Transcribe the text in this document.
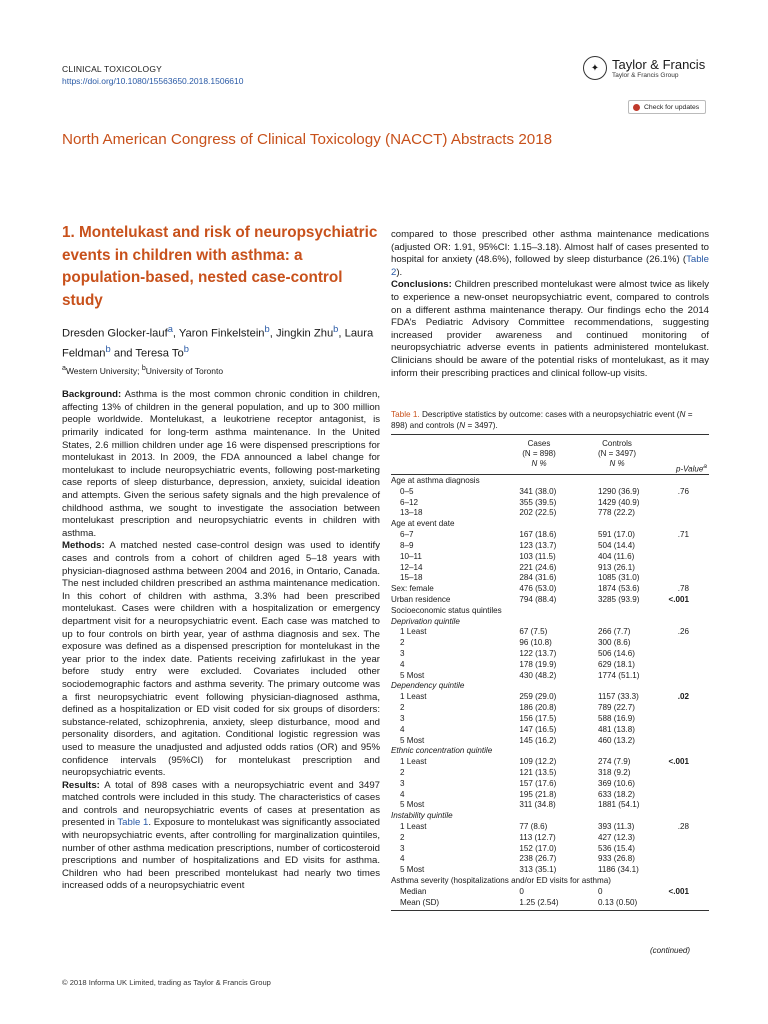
CLINICAL TOXICOLOGY
https://doi.org/10.1080/15563650.2018.1506610
✦ Taylor & Francis
Taylor & Francis Group
Check for updates
North American Congress of Clinical Toxicology (NACCT) Abstracts 2018
1. Montelukast and risk of neuropsychiatric events in children with asthma: a population-based, nested case-control study
Dresden Glocker-lauf$^a$, Yaron Finkelstein$^b$, Jingkin Zhu$^b$, Laura Feldman$^b$ and Teresa To$^b$
$^a$Western University; $^b$University of Toronto

Background: Asthma is the most common chronic condition in children, affecting 13% of children in the general population, and up to 300 million people worldwide. Montelukast, a leukotriene receptor antagonist, is primarily indicated for long-term asthma maintenance. In the United States, 2.6 million children under age 16 were dispensed prescriptions for montelukast in 2013. In 2009, the FDA announced a label change for montelukast to include neuropsychiatric events, following post-marketing case reports of sleep disturbance, depression, anxiety, suicidal ideation and attempts. Given the serious safety signals and the high prevalence of childhood asthma, we sought to investigate the association between montelukast prescription and neuropsychiatric events in children with asthma.

Methods: A matched nested case-control design was used to identify cases and controls from a cohort of children aged 5–18 years with physician-diagnosed asthma between 2004 and 2016, in Ontario, Canada. The nest included children prescribed an asthma maintenance medication. In this cohort of children with asthma, 3.3% had been prescribed montelukast. Cases were children with a hospitalization or emergency department visit for a neuropsychiatric event. Each case was matched to up to four controls on birth year, year of asthma diagnosis and sex. The exposure was defined as a dispensed prescription for montelukast in the year prior to the index date. Patients receiving zafirlukast in the year before study entry were excluded. Covariates included other sociodemographic factors and asthma severity. The primary outcome was a first neuropsychiatric event following physician-diagnosed asthma, defined as a hospitalization or ED visit coded for six groups of disorders: substance-related, schizophrenia, anxiety, sleep disturbance, mood and personality disorders, and agitation. Conditional logistic regression was used to measure the unadjusted and adjusted odds ratios (OR) and 95% confidence intervals (95%CI) for montelukast prescription and neuropsychiatric events.

Results: A total of 898 cases with a neuropsychiatric event and 3497 matched controls were included in this study. The characteristics of cases and controls and neuropsychiatric events of cases at presentation as presented in Table 1. Exposure to montelukast was significantly associated with neuropsychiatric events, after controlling for marginalization quintiles, number of other asthma medication prescriptions, number of corticosteroid prescriptions and number of hospitalizations and ED visits for asthma. Children who had been prescribed montelukast had nearly two times increased odds of a neuropsychiatric event

compared to those prescribed other asthma maintenance medications (adjusted OR: 1.91, 95%CI: 1.15–3.18). Almost half of cases presented to hospital for anxiety (48.6%), followed by sleep disturbance (26.1%) (Table 2).

Conclusions: Children prescribed montelukast were almost twice as likely to experience a new-onset neuropsychiatric event, compared to controls on a different asthma maintenance therapy. Our findings echo the 2014 FDA’s Pediatric Advisory Committee recommendations, suggesting increased provider awareness and continued monitoring of neuropsychiatric adverse events in patients administered montelukast. Clinicians should be aware of the potential risks of montelukast, as it may inform their prescribing practices and clinical follow-up visits.

Table 1. Descriptive statistics by outcome: cases with a neuropsychiatric event (N = 898) and controls (N = 3497).
Cases
(N = 898)
N %
Controls
(N = 3497)
N %
p-Value$^a$
Age at asthma diagnosis			
0–5	341 (38.0)	1290 (36.9)	.76
6–12	355 (39.5)	1429 (40.9)	
13–18	202 (22.5)	778 (22.2)	
Age at event date			
6–7	167 (18.6)	591 (17.0)	.71
8–9	123 (13.7)	504 (14.4)	
10–11	103 (11.5)	404 (11.6)	
12–14	221 (24.6)	913 (26.1)	
15–18	284 (31.6)	1085 (31.0)	
Sex: female	476 (53.0)	1874 (53.6)	.78
Urban residence	794 (88.4)	3285 (93.9)	<.001
Socioeconomic status quintiles			
Deprivation quintile			
1 Least	67 (7.5)	266 (7.7)	.26
2	96 (10.8)	300 (8.6)	
3	122 (13.7)	506 (14.6)	
4	178 (19.9)	629 (18.1)	
5 Most	430 (48.2)	1774 (51.1)	
Dependency quintile			
1 Least	259 (29.0)	1157 (33.3)	.02
2	186 (20.8)	789 (22.7)	
3	156 (17.5)	588 (16.9)	
4	147 (16.5)	481 (13.8)	
5 Most	145 (16.2)	460 (13.2)	
Ethnic concentration quintile			
1 Least	109 (12.2)	274 (7.9)	<.001
2	121 (13.5)	318 (9.2)	
3	157 (17.6)	369 (10.6)	
4	195 (21.8)	633 (18.2)	
5 Most	311 (34.8)	1881 (54.1)	
Instability quintile			
1 Least	77 (8.6)	393 (11.3)	.28
2	113 (12.7)	427 (12.3)	
3	152 (17.0)	536 (15.4)	
4	238 (26.7)	933 (26.8)	
5 Most	313 (35.1)	1186 (34.1)	
Asthma severity (hospitalizations and/or ED visits for asthma)			
Median	0	0	<.001
Mean (SD)	1.25 (2.54)	0.13 (0.50)	
(continued)
© 2018 Informa UK Limited, trading as Taylor & Francis Group
